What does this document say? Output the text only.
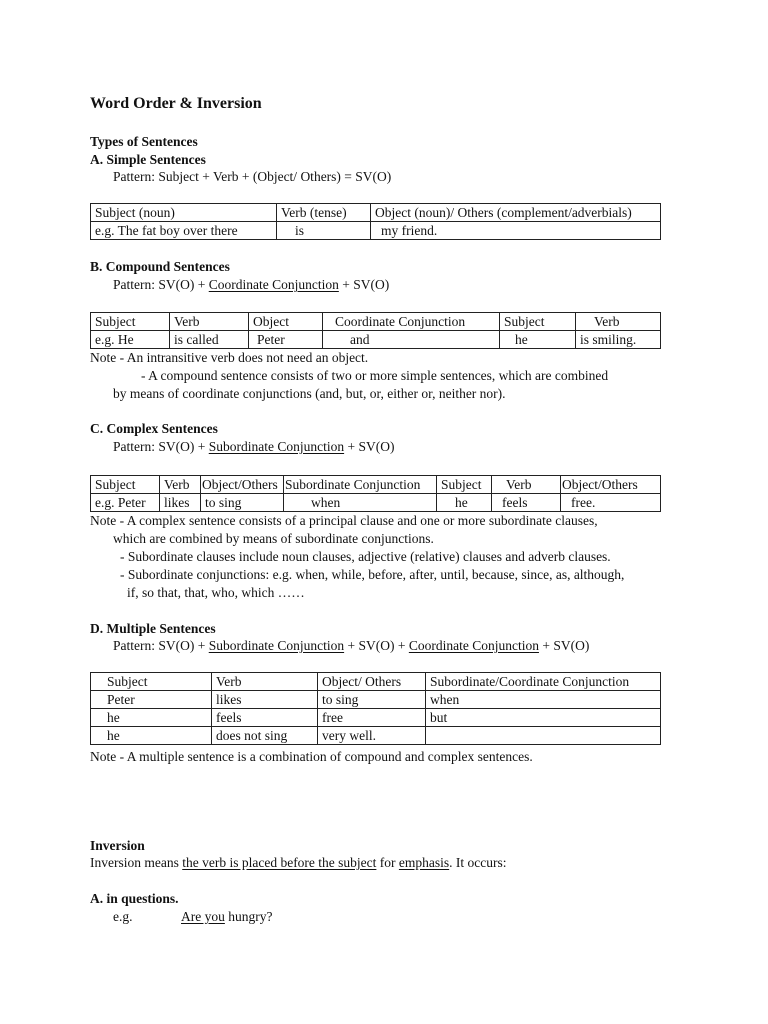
Word Order & Inversion
Types of Sentences
A. Simple Sentences
Pattern: Subject + Verb + (Object/ Others) = SV(O)
Subject (noun)	Verb (tense)	Object (noun)/ Others (complement/adverbials)
e.g. The fat boy over there	is	my friend.
B. Compound Sentences
Pattern: SV(O) + Coordinate Conjunction + SV(O)
Subject	Verb	Object	Coordinate Conjunction	Subject	Verb
e.g. He	is called	Peter	and	he	is smiling.
Note - An intransitive verb does not need an object.
- A compound sentence consists of two or more simple sentences, which are combined
by means of coordinate conjunctions (and, but, or, either or, neither nor).
C. Complex Sentences
Pattern: SV(O) + Subordinate Conjunction + SV(O)
Subject	Verb	Object/Others	Subordinate Conjunction	Subject	Verb	Object/Others
e.g. Peter	likes	to sing	when	he	feels	free.
Note - A complex sentence consists of a principal clause and one or more subordinate clauses,
which are combined by means of subordinate conjunctions.
- Subordinate clauses include noun clauses, adjective (relative) clauses and adverb clauses.
- Subordinate conjunctions: e.g. when, while, before, after, until, because, since, as, although,
if, so that, that, who, which ……
D. Multiple Sentences
Pattern: SV(O) + Subordinate Conjunction + SV(O) + Coordinate Conjunction + SV(O)
Subject	Verb	Object/ Others	Subordinate/Coordinate Conjunction
Peter	likes	to sing	when
he	feels	free	but
he	does not sing	very well.	
Note - A multiple sentence is a combination of compound and complex sentences.
Inversion
Inversion means the verb is placed before the subject for emphasis. It occurs:
A. in questions.
e.g.	Are you hungry?
